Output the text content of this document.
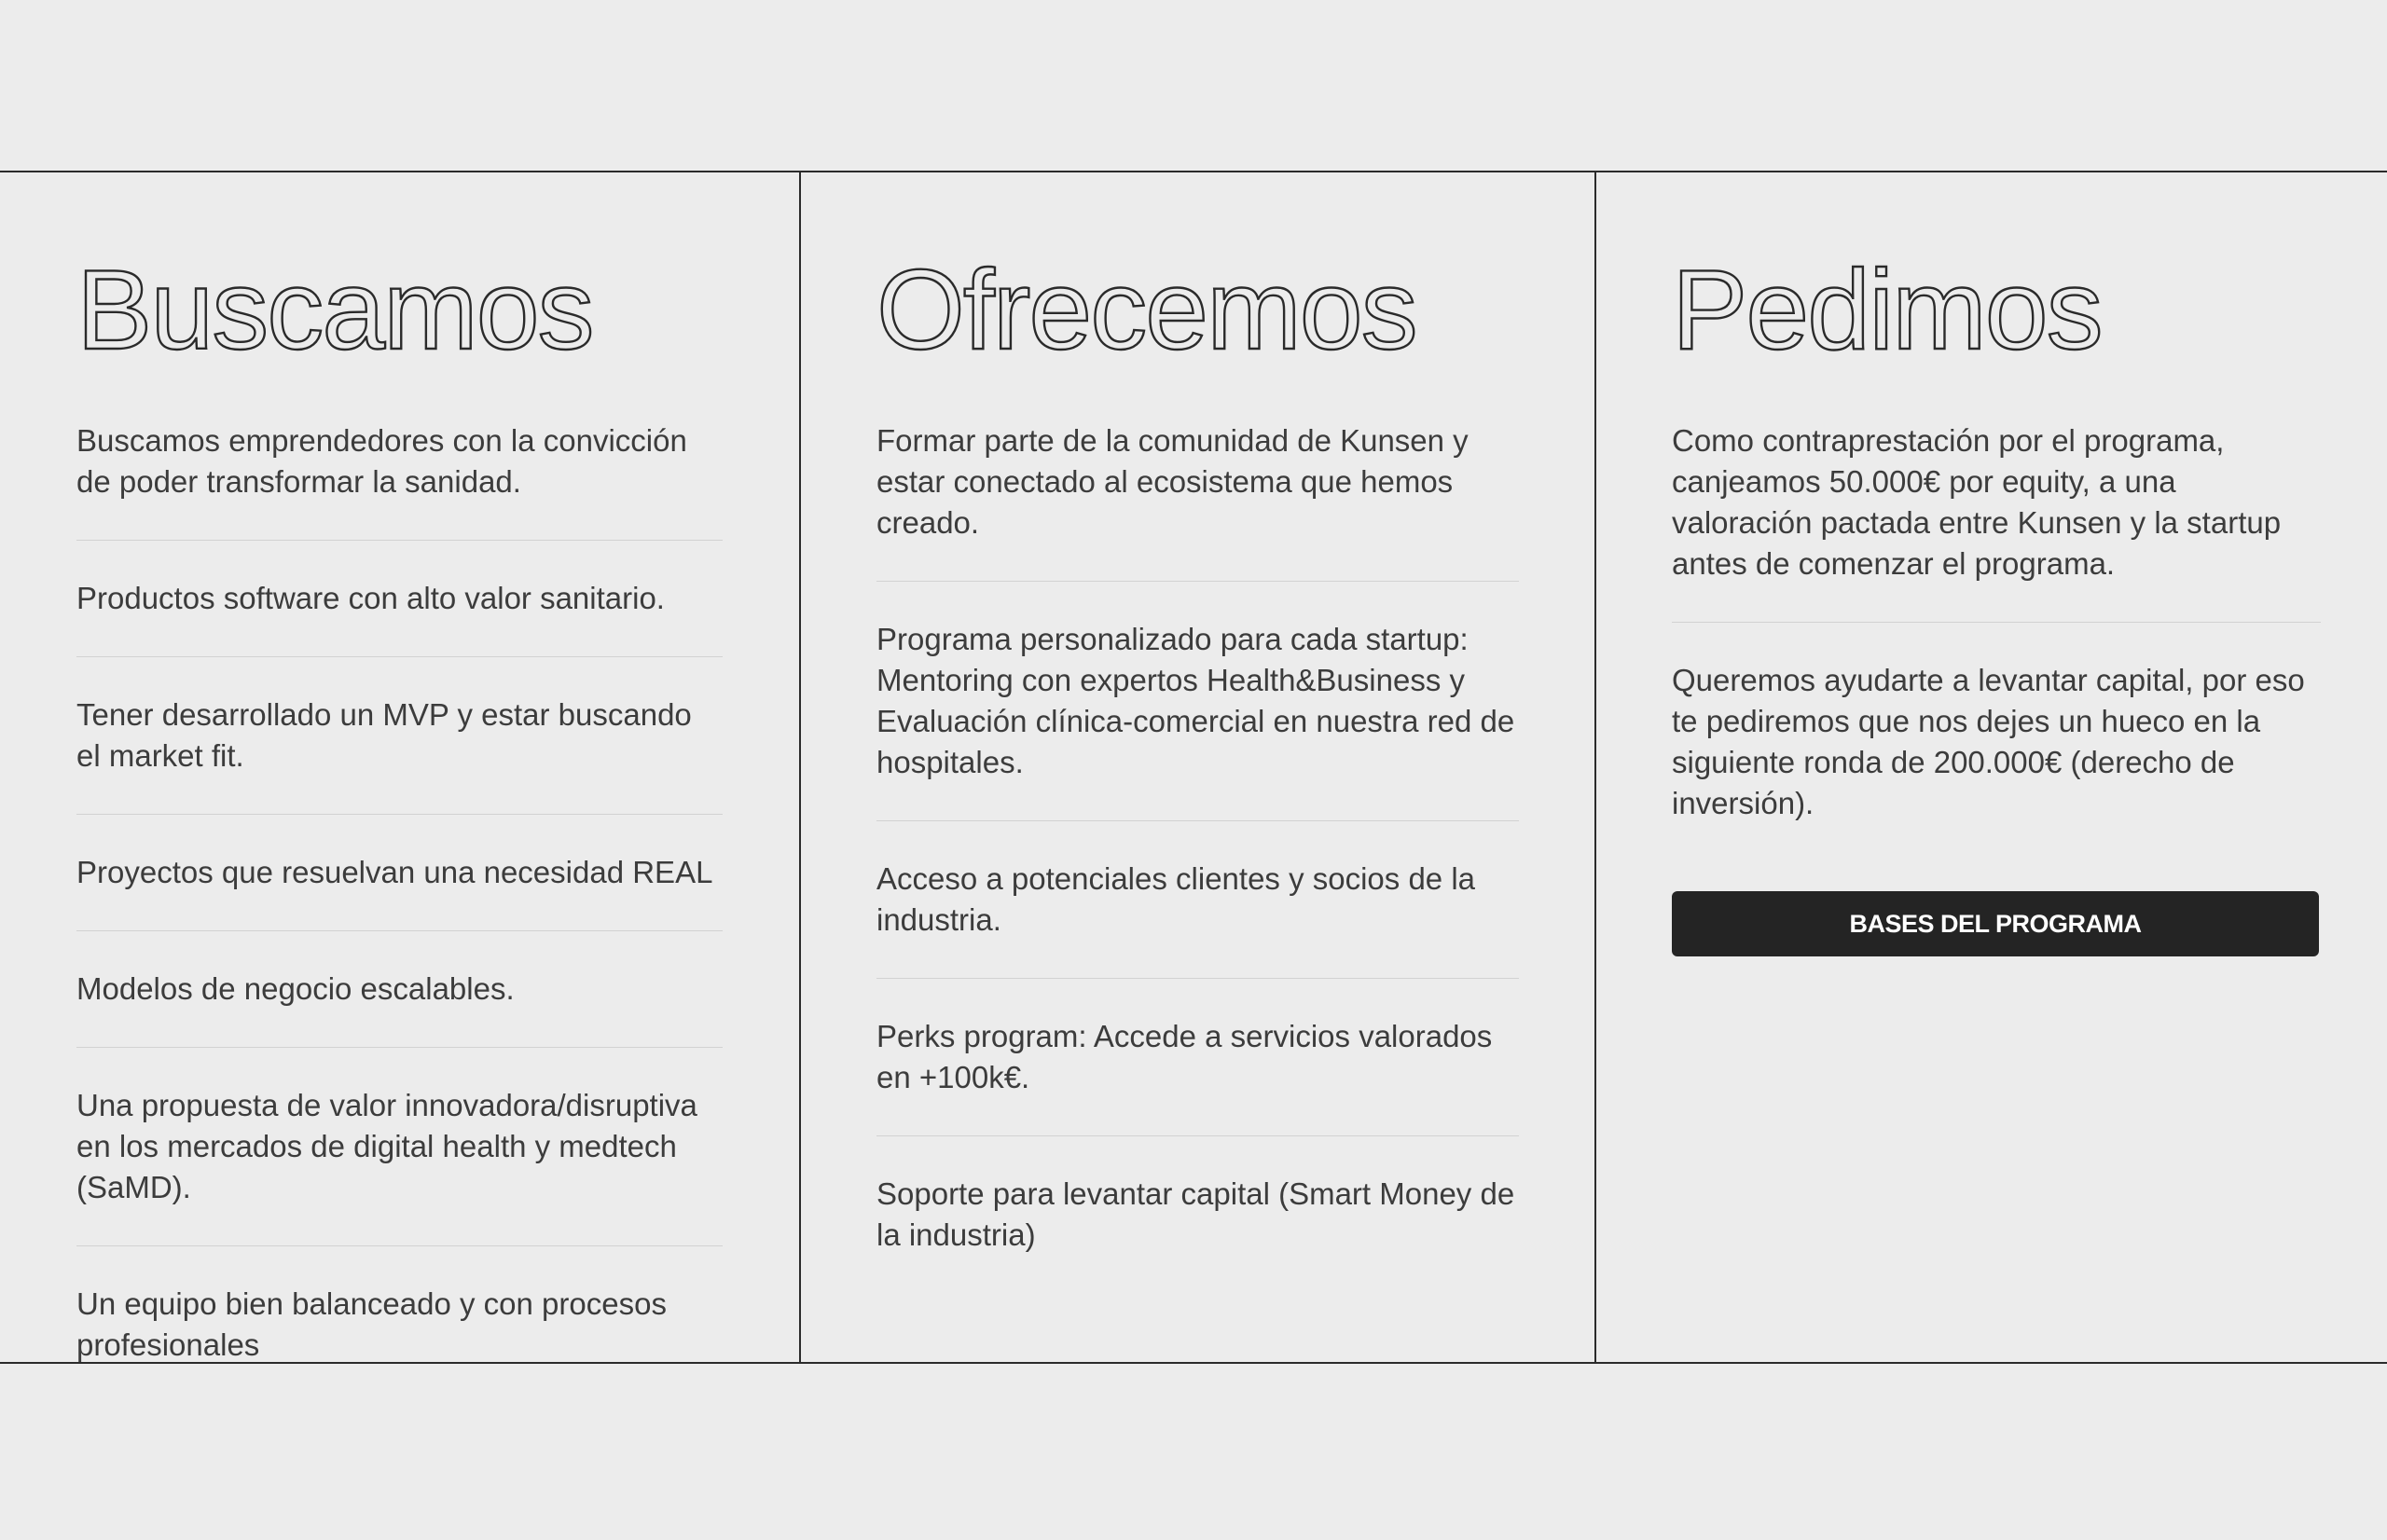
Buscamos
Buscamos emprendedores con la convicción de poder transformar la sanidad.
Productos software con alto valor sanitario.
Tener desarrollado un MVP y estar buscando el market fit.
Proyectos que resuelvan una necesidad REAL
Modelos de negocio escalables.
Una propuesta de valor innovadora/disruptiva en los mercados de digital health y medtech (SaMD).
Un equipo bien balanceado y con procesos profesionales
Ofrecemos
Formar parte de la comunidad de Kunsen y estar conectado al ecosistema que hemos creado.
Programa personalizado para cada startup: Mentoring con expertos Health&Business y Evaluación clínica-comercial en nuestra red de hospitales.
Acceso a potenciales clientes y socios de la industria.
Perks program: Accede a servicios valorados en +100k€.
Soporte para levantar capital (Smart Money de la industria)
Pedimos
Como contraprestación por el programa, canjeamos 50.000€ por equity, a una valoración pactada entre Kunsen y la startup antes de comenzar el programa.
Queremos ayudarte a levantar capital, por eso te pediremos que nos dejes un hueco en la siguiente ronda de 200.000€ (derecho de inversión).
BASES DEL PROGRAMA
